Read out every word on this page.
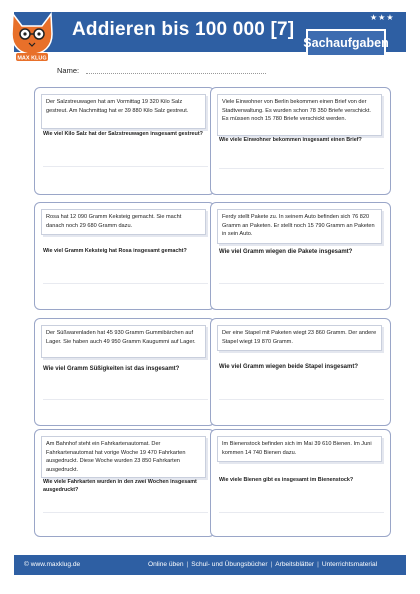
MAX KLUG
Addieren bis 100 000 [7]
★★★
Sachaufgaben
Name:
Der Salzstreuwagen hat am Vormittag 19 320 Kilo Salz gestreut. Am Nachmittag hat er 39 880 Kilo Salz gestreut.
Wie viel Kilo Salz hat der Salzstreuwagen insgesamt gestreut?
Viele Einwohner von Berlin bekommen einen Brief von der Stadtverwaltung. Es wurden schon 78 350 Briefe verschickt. Es müssen noch 15 780 Briefe verschickt werden.
Wie viele Einwohner bekommen insgesamt einen Brief?
Rosa hat 12 090 Gramm Keksteig gemacht. Sie macht danach noch 29 680 Gramm dazu.
Wie viel Gramm Keksteig hat Rosa insgesamt gemacht?
Ferdy stellt Pakete zu. In seinem Auto befinden sich 76 820 Gramm an Paketen. Er stellt noch 15 790 Gramm an Paketen in sein Auto.
Wie viel Gramm wiegen die Pakete insgesamt?
Der Süßwarenladen hat 45 930 Gramm Gummibärchen auf Lager. Sie haben auch 49 950 Gramm Kaugummi auf Lager.
Wie viel Gramm Süßigkeiten ist das insgesamt?
Der eine Stapel mit Paketen wiegt 23 860 Gramm. Der andere Stapel wiegt 19 870 Gramm.
Wie viel Gramm wiegen beide Stapel insgesamt?
Am Bahnhof steht ein Fahrkartenautomat. Der Fahrkartenautomat hat vorige Woche 19 470 Fahrkarten ausgedruckt. Diese Woche wurden 23 850 Fahrkarten ausgedruckt.
Wie viele Fahrkarten wurden in den zwei Wochen insgesamt ausgedruckt?
Im Bienenstock befinden sich im Mai 39 610 Bienen. Im Juni kommen 14 740 Bienen dazu.
Wie viele Bienen gibt es insgesamt im Bienenstock?
© www.maxklug.de	Online üben | Schul- und Übungsbücher | Arbeitsblätter | Unterrichtsmaterial
